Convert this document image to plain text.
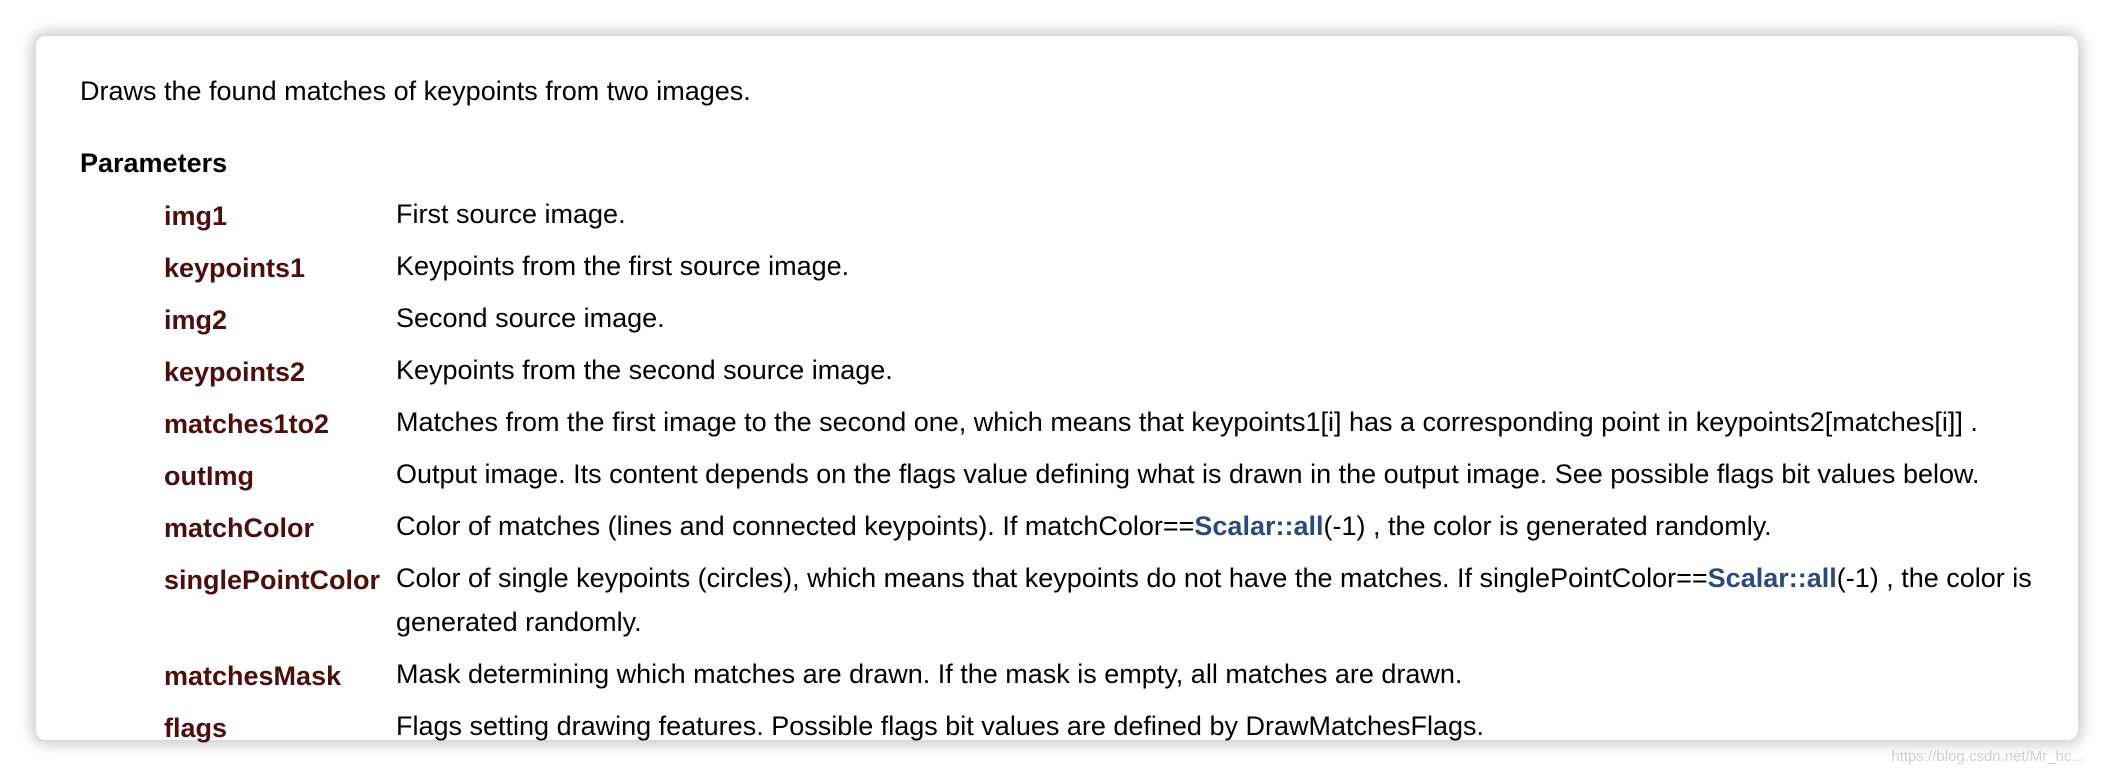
Draws the found matches of keypoints from two images.
Parameters
img1	First source image.
keypoints1	Keypoints from the first source image.
img2	Second source image.
keypoints2	Keypoints from the second source image.
matches1to2 Matches from the first image to the second one, which means that keypoints1[i] has a corresponding point in keypoints2[matches[i]] .
outImg	Output image. Its content depends on the flags value defining what is drawn in the output image. See possible flags bit values below.
matchColor	Color of matches (lines and connected keypoints). If matchColor==Scalar::all(-1) , the color is generated randomly.
singlePointColor Color of single keypoints (circles), which means that keypoints do not have the matches. If singlePointColor==Scalar::all(-1) , the color is generated randomly.
matchesMask Mask determining which matches are drawn. If the mask is empty, all matches are drawn.
flags	Flags setting drawing features. Possible flags bit values are defined by DrawMatchesFlags.
https://blog.csdn.net/Mr_hc...
